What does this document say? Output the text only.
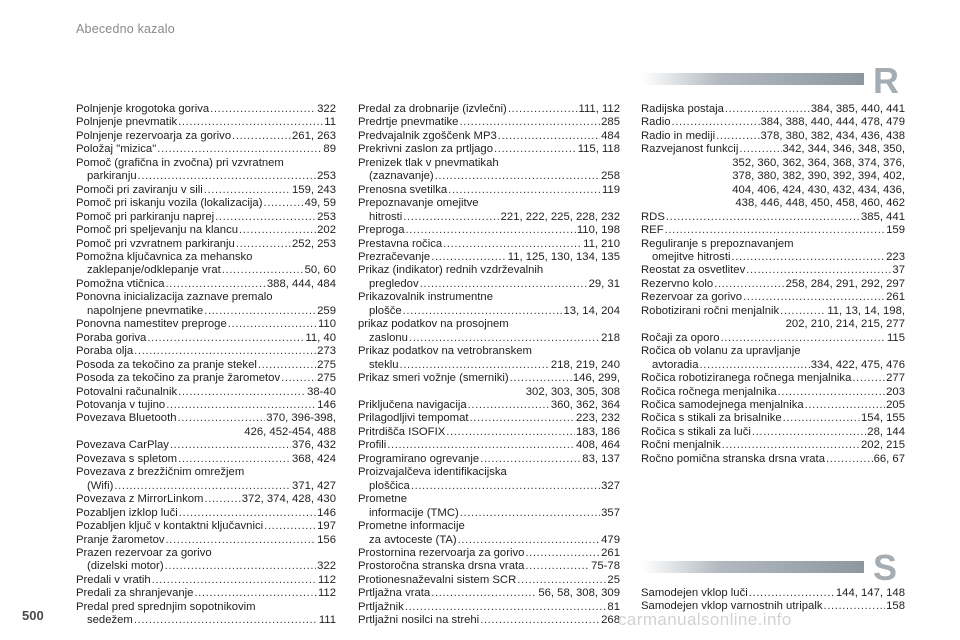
Abecedno kazalo
R
S
Polnjenje krogotoka goriva .....	322
Polnjenje pnevmatik .....	11
Polnjenje rezervoarja za gorivo .....	261, 263
Položaj "mizica" .....	89
Pomoč (grafična in zvočna) pri vzvratnem
parkiranju .....	253
Pomoči pri zaviranju v sili .....	159, 243
Pomoč pri iskanju vozila (lokalizacija) .....	49, 59
Pomoč pri parkiranju naprej .....	253
Pomoč pri speljevanju na klancu .....	202
Pomoč pri vzvratnem parkiranju .....	252, 253
Pomožna ključavnica za mehansko
zaklepanje/odklepanje vrat .....	50, 60
Pomožna vtičnica .....	388, 444, 484
Ponovna inicializacija zaznave premalo
napolnjene pnevmatike .....	259
Ponovna namestitev preproge .....	110
Poraba goriva .....	11, 40
Poraba olja .....	273
Posoda za tekočino za pranje stekel .....	275
Posoda za tekočino za pranje žarometov .....	275
Potovalni računalnik .....	38-40
Potovanja v tujino .....	146
Povezava Bluetooth .....	370, 396-398,
426, 452-454, 488
Povezava CarPlay .....	376, 432
Povezava s spletom .....	368, 424
Povezava z brezžičnim omrežjem
(Wifi) .....	371, 427
Povezava z MirrorLinkom .....	372, 374, 428, 430
Pozabljen izklop luči .....	146
Pozabljen ključ v kontaktni ključavnici .....	197
Pranje žarometov .....	156
Prazen rezervoar za gorivo
(dizelski motor) .....	322
Predali v vratih .....	112
Predali za shranjevanje .....	112
Predal pred sprednjim sopotnikovim
sedežem .....	111
Predal za drobnarije (izvlečni) .....	111, 112
Predrtje pnevmatike .....	285
Predvajalnik zgoščenk MP3 .....	484
Prekrivni zaslon za prtljago .....	115, 118
Prenizek tlak v pnevmatikah
(zaznavanje) .....	258
Prenosna svetilka .....	119
Prepoznavanje omejitve
hitrosti .....	221, 222, 225, 228, 232
Preproga .....	110, 198
Prestavna ročica .....	11, 210
Prezračevanje .....	11, 125, 130, 134, 135
Prikaz (indikator) rednih vzdrževalnih
pregledov .....	29, 31
Prikazovalnik instrumentne
plošče .....	13, 14, 204
prikaz podatkov na prosojnem
zaslonu .....	218
Prikaz podatkov na vetrobranskem
steklu .....	218, 219, 240
Prikaz smeri vožnje (smerniki) .....	146, 299,
302, 303, 305, 308
Priključena navigacija .....	360, 362, 364
Prilagodljivi tempomat .....	223, 232
Pritrdišča ISOFIX .....	183, 186
Profili .....	408, 464
Programirano ogrevanje .....	83, 137
Proizvajalčeva identifikacijska
ploščica .....	327
Prometne
informacije (TMC) .....	357
Prometne informacije
za avtoceste (TA) .....	479
Prostornina rezervoarja za gorivo .....	261
Prostoročna stranska drsna vrata .....	75-78
Protionesnaževalni sistem SCR .....	25
Prtljažna vrata .....	56, 58, 308, 309
Prtljažnik .....	81
Prtljažni nosilci na strehi .....	268
Radijska postaja .....	384, 385, 440, 441
Radio .....	384, 388, 440, 444, 478, 479
Radio in mediji .....	378, 380, 382, 434, 436, 438
Razvejanost funkcij .....	342, 344, 346, 348, 350,
352, 360, 362, 364, 368, 374, 376,
378, 380, 382, 390, 392, 394, 402,
404, 406, 424, 430, 432, 434, 436,
438, 446, 448, 450, 458, 460, 462
RDS .....	385, 441
REF .....	159
Reguliranje s prepoznavanjem
omejitve hitrosti .....	223
Reostat za osvetlitev .....	37
Rezervno kolo .....	258, 284, 291, 292, 297
Rezervoar za gorivo .....	261
Robotizirani ročni menjalnik .....	11, 13, 14, 198,
202, 210, 214, 215, 277
Ročaji za oporo .....	115
Ročica ob volanu za upravljanje
avtoradia .....	334, 422, 475, 476
Ročica robotiziranega ročnega menjalnika .....	277
Ročica ročnega menjalnika .....	203
Ročica samodejnega menjalnika .....	205
Ročica s stikali za brisalnike .....	154, 155
Ročica s stikali za luči .....	28, 144
Ročni menjalnik .....	202, 215
Ročno pomična stranska drsna vrata .....	66, 67
Samodejen vklop luči .....	144, 147, 148
Samodejen vklop varnostnih utripalk .....	158
500	carmanualsonline.info
